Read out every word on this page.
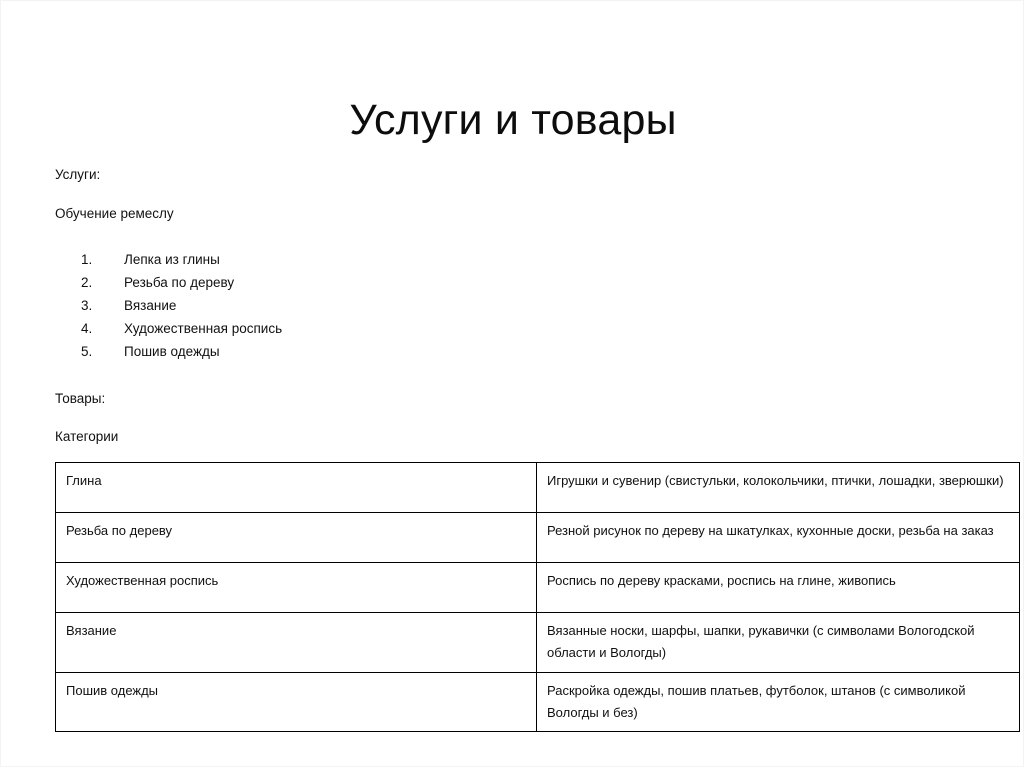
Услуги и товары
Услуги:
Обучение ремеслу
1.	Лепка из глины
2.	Резьба по дереву
3.	Вязание
4.	Художественная роспись
5.	Пошив одежды
Товары:
Категории
Глина	Игрушки и сувенир (свистульки, колокольчики, птички, лошадки, зверюшки)
Резьба по дереву	Резной рисунок по дереву на шкатулках, кухонные доски, резьба на заказ
Художественная роспись	Роспись по дереву красками, роспись на глине, живопись
Вязание	Вязанные носки, шарфы, шапки, рукавички (с символами Вологодской области и Вологды)
Пошив одежды	Раскройка одежды, пошив платьев, футболок, штанов (с символикой Вологды и без)
